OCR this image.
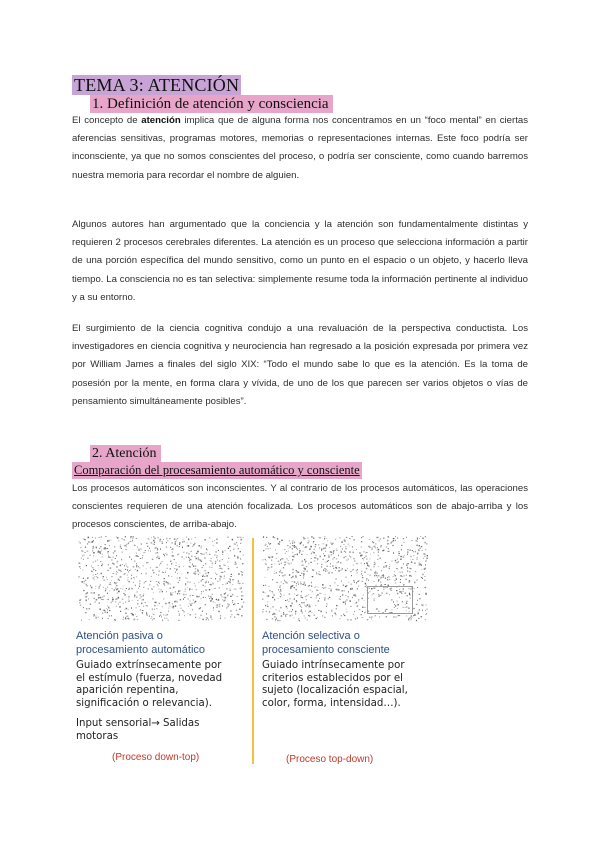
TEMA 3: ATENCIÓN
1. Definición de atención y consciencia

El concepto de atención implica que de alguna forma nos concentramos en un “foco mental” en ciertas aferencias sensitivas, programas motores, memorias o representaciones internas. Este foco podría ser inconsciente, ya que no somos conscientes del proceso, o podría ser consciente, como cuando barremos nuestra memoria para recordar el nombre de alguien.

Algunos autores han argumentado que la conciencia y la atención son fundamentalmente distintas y requieren 2 procesos cerebrales diferentes. La atención es un proceso que selecciona información a partir de una porción específica del mundo sensitivo, como un punto en el espacio o un objeto, y hacerlo lleva tiempo. La consciencia no es tan selectiva: simplemente resume toda la información pertinente al individuo y a su entorno.

El surgimiento de la ciencia cognitiva condujo a una revaluación de la perspectiva conductista. Los investigadores en ciencia cognitiva y neurociencia han regresado a la posición expresada por primera vez por William James a finales del siglo XIX: “Todo el mundo sabe lo que es la atención. Es la toma de posesión por la mente, en forma clara y vívida, de uno de los que parecen ser varios objetos o vías de pensamiento simultáneamente posibles”.

2. Atención
Comparación del procesamiento automático y consciente

Los procesos automáticos son inconscientes. Y al contrario de los procesos automáticos, las operaciones conscientes requieren de una atención focalizada. Los procesos automáticos son de abajo-arriba y los procesos conscientes, de arriba-abajo.

Atención pasiva o
procesamiento automático
Guiado extrínsecamente por
el estímulo (fuerza, novedad
aparición repentina,
significación o relevancia).
Input sensorial→ Salidas
motoras
(Proceso down-top)
Atención selectiva o
procesamiento consciente
Guiado intrínsecamente por
criterios establecidos por el
sujeto (localización espacial,
color, forma, intensidad…).
(Proceso top-down)
